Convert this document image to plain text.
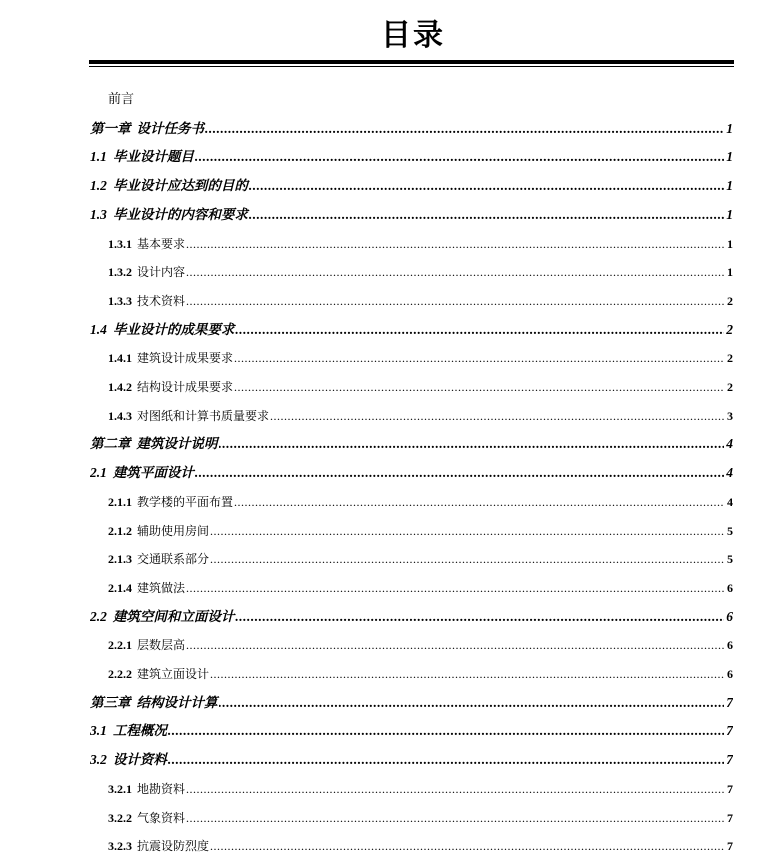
目录
前言
第一章 设计任务书 .....	1
1.1 毕业设计题目 .....	1
1.2 毕业设计应达到的目的 .....	1
1.3 毕业设计的内容和要求 .....	1
1.3.1 基本要求 .....	1
1.3.2 设计内容 .....	1
1.3.3 技术资料 .....	2
1.4 毕业设计的成果要求 .....	2
1.4.1 建筑设计成果要求 .....	2
1.4.2 结构设计成果要求 .....	2
1.4.3 对图纸和计算书质量要求 .....	3
第二章 建筑设计说明 .....	4
2.1 建筑平面设计 .....	4
2.1.1 教学楼的平面布置 .....	4
2.1.2 辅助使用房间 .....	5
2.1.3 交通联系部分 .....	5
2.1.4 建筑做法 .....	6
2.2 建筑空间和立面设计 .....	6
2.2.1 层数层高 .....	6
2.2.2 建筑立面设计 .....	6
第三章 结构设计计算 .....	7
3.1 工程概况 .....	7
3.2 设计资料 .....	7
3.2.1 地勘资料 .....	7
3.2.2 气象资料 .....	7
3.2.3 抗震设防烈度 .....	7
